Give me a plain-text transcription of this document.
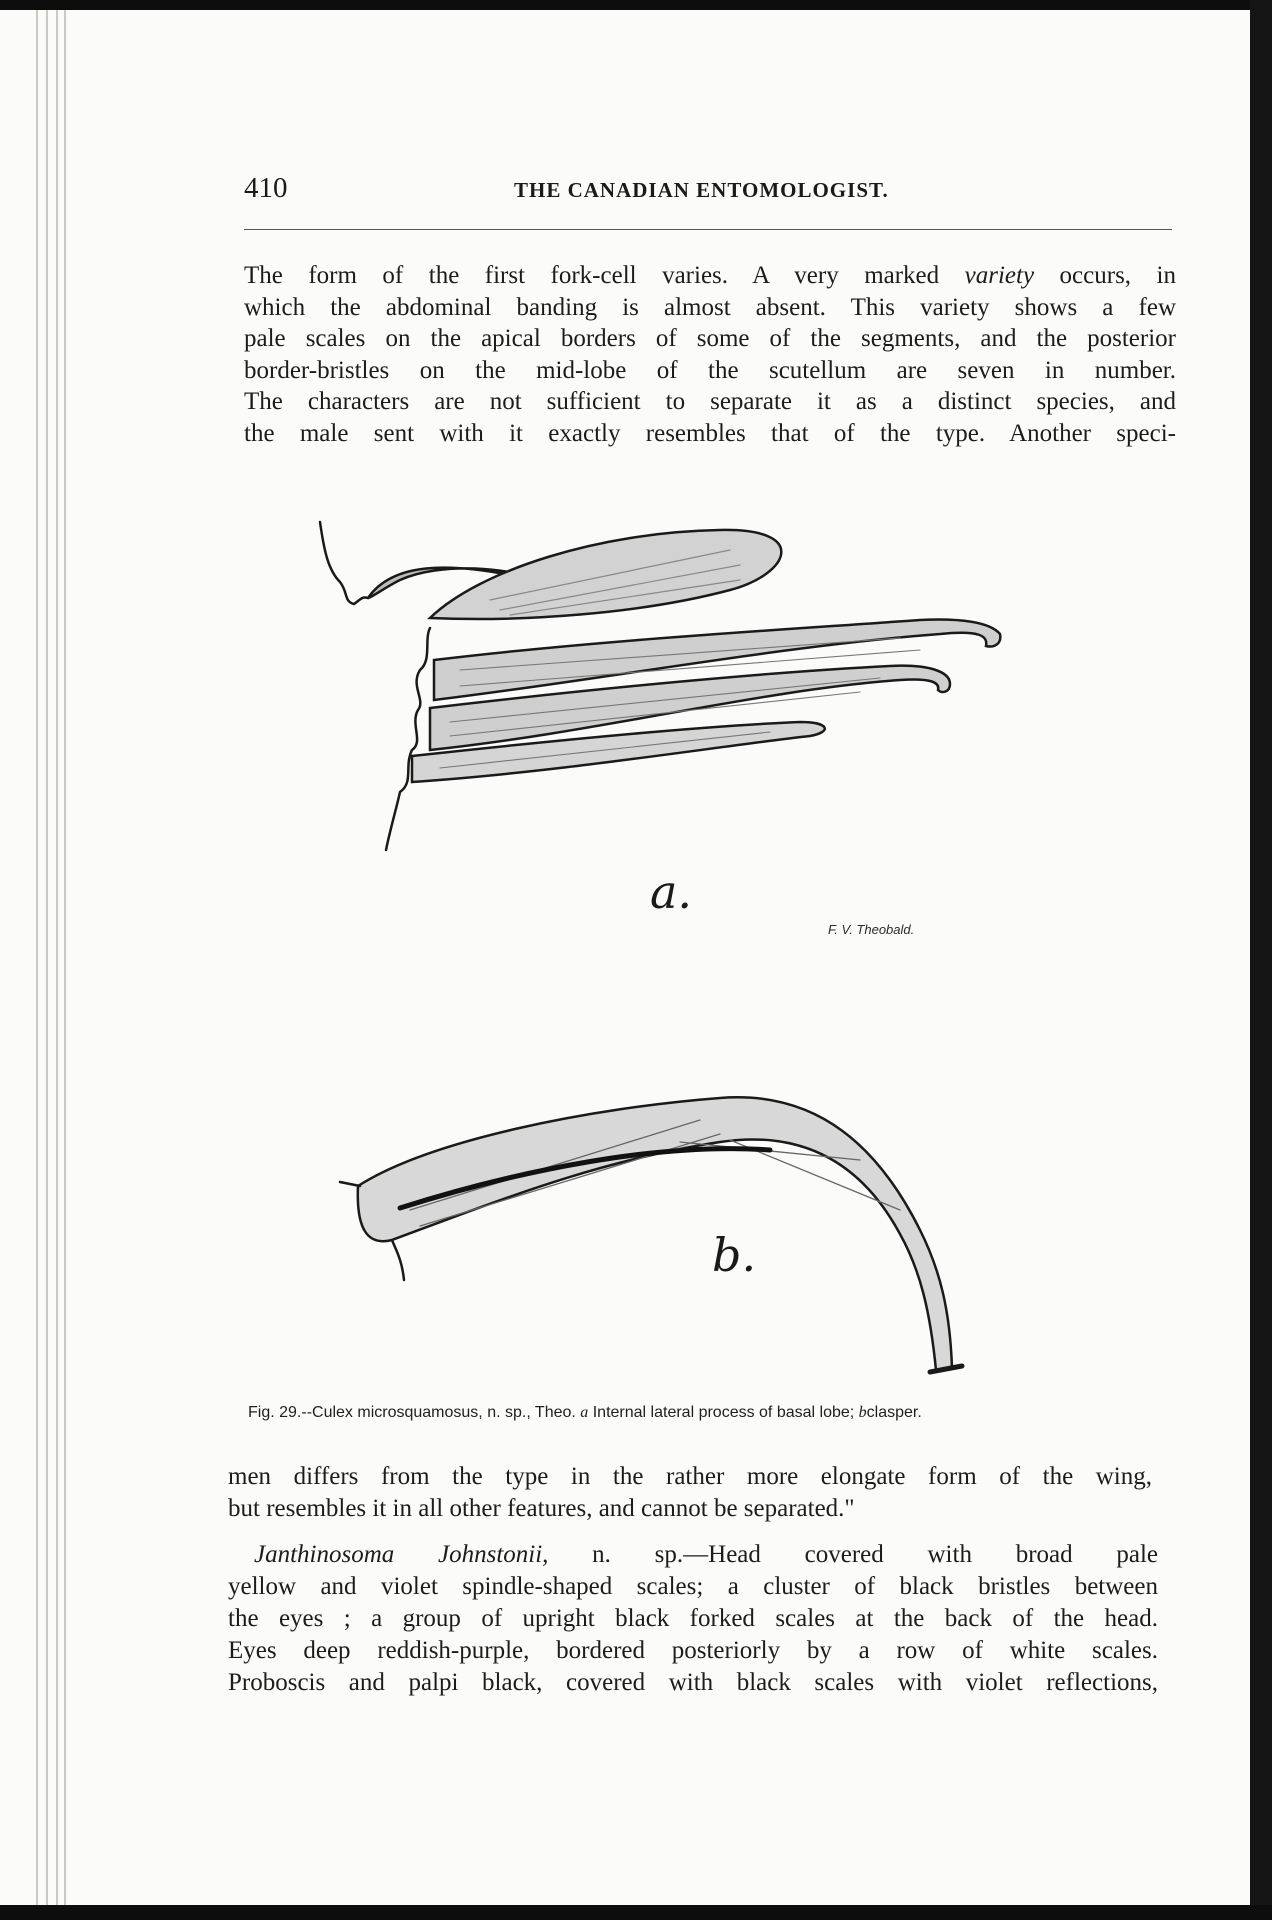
410	THE CANADIAN ENTOMOLOGIST.
The form of the first fork-cell varies. A very marked variety occurs, in
which the abdominal banding is almost absent. This variety shows a few
pale scales on the apical borders of some of the segments, and the posterior
border-bristles on the mid-lobe of the scutellum are seven in number.
The characters are not sufficient to separate it as a distinct species, and
the male sent with it exactly resembles that of the type. Another speci-
a.
F. V. Theobald.
b.
Fig. 29.--Culex microsquamosus, n. sp., Theo. a Internal lateral process of basal lobe; bclasper.
men differs from the type in the rather more elongate form of the wing,
but resembles it in all other features, and cannot be separated."
Janthinosoma Johnstonii, n. sp.—Head covered with broad pale
yellow and violet spindle-shaped scales; a cluster of black bristles between
the eyes ; a group of upright black forked scales at the back of the head.
Eyes deep reddish-purple, bordered posteriorly by a row of white scales.
Proboscis and palpi black, covered with black scales with violet reflections,
